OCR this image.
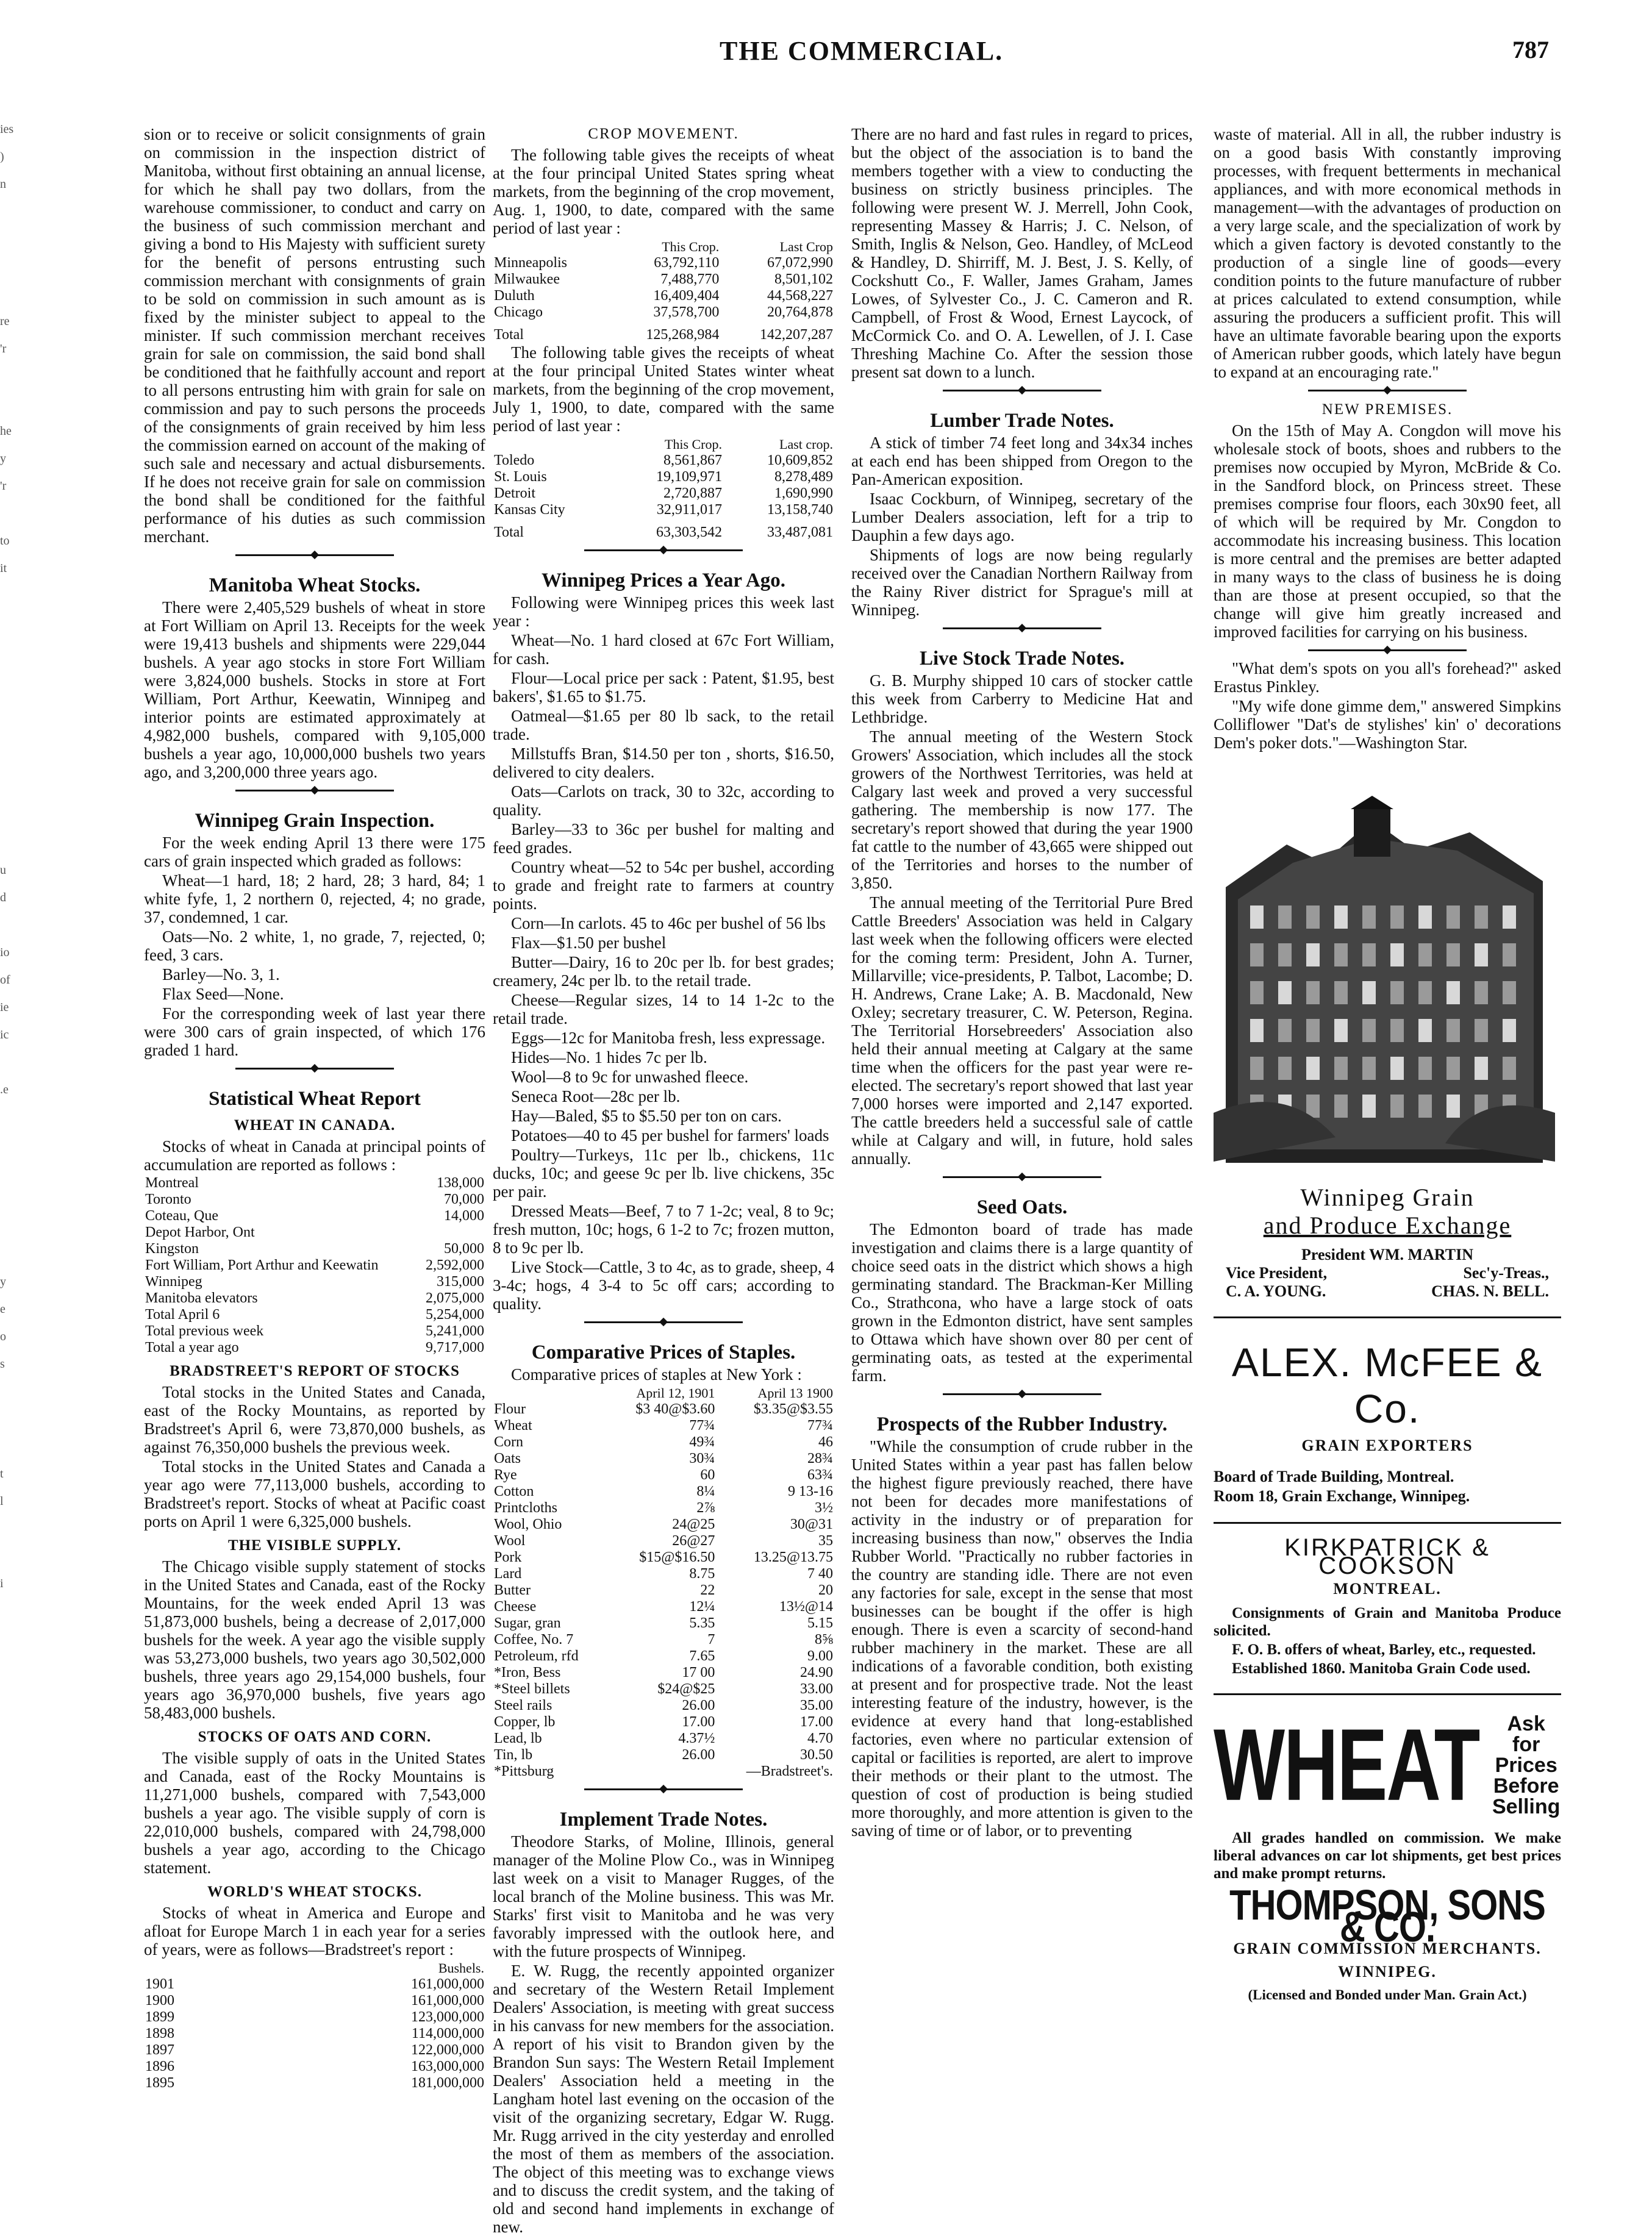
THE COMMERCIAL.	787
ies
)
n

re
'r

he
y
'r

to
it

u
d

io
of
ie
ic

.e

y
e
o
s

t
l

i

sion or to receive or solicit consignments of grain on commission in the inspection district of Manitoba, without first obtaining an annual license, for which he shall pay two dollars, from the warehouse commissioner, to conduct and carry on the business of such commission merchant and giving a bond to His Majesty with sufficient surety for the benefit of persons entrusting such commission merchant with consignments of grain to be sold on commission in such amount as is fixed by the minister subject to appeal to the minister. If such commission merchant receives grain for sale on commission, the said bond shall be conditioned that he faithfully account and report to all persons entrusting him with grain for sale on commission and pay to such persons the proceeds of the consignments of grain received by him less the commission earned on account of the making of such sale and necessary and actual disbursements. If he does not receive grain for sale on commission the bond shall be conditioned for the faithful performance of his duties as such commission merchant.

Manitoba Wheat Stocks.

There were 2,405,529 bushels of wheat in store at Fort William on April 13. Receipts for the week were 19,413 bushels and shipments were 229,044 bushels. A year ago stocks in store Fort William were 3,824,000 bushels. Stocks in store at Fort William, Port Arthur, Keewatin, Winnipeg and interior points are estimated approximately at 4,982,000 bushels, compared with 9,105,000 bushels a year ago, 10,000,000 bushels two years ago, and 3,200,000 three years ago.

Winnipeg Grain Inspection.

For the week ending April 13 there were 175 cars of grain inspected which graded as follows:

Wheat—1 hard, 18; 2 hard, 28; 3 hard, 84; 1 white fyfe, 1, 2 northern 0, rejected, 4; no grade, 37, condemned, 1 car.

Oats—No. 2 white, 1, no grade, 7, rejected, 0; feed, 3 cars.

Barley—No. 3, 1.

Flax Seed—None.

For the corresponding week of last year there were 300 cars of grain inspected, of which 176 graded 1 hard.

Statistical Wheat Report
WHEAT IN CANADA.

Stocks of wheat in Canada at principal points of accumulation are reported as follows :

Montreal	138,000
Toronto	70,000
Coteau, Que	14,000
Depot Harbor, Ont	
Kingston	50,000
Fort William, Port Arthur and Keewatin	2,592,000
Winnipeg	315,000
Manitoba elevators	2,075,000
Total April 6	5,254,000
Total previous week	5,241,000
Total a year ago	9,717,000
BRADSTREET'S REPORT OF STOCKS

Total stocks in the United States and Canada, east of the Rocky Mountains, as reported by Bradstreet's April 6, were 73,870,000 bushels, as against 76,350,000 bushels the previous week.

Total stocks in the United States and Canada a year ago were 77,113,000 bushels, according to Bradstreet's report. Stocks of wheat at Pacific coast ports on April 1 were 6,325,000 bushels.

THE VISIBLE SUPPLY.

The Chicago visible supply statement of stocks in the United States and Canada, east of the Rocky Mountains, for the week ended April 13 was 51,873,000 bushels, being a decrease of 2,017,000 bushels for the week. A year ago the visible supply was 53,273,000 bushels, two years ago 30,502,000 bushels, three years ago 29,154,000 bushels, four years ago 36,970,000 bushels, five years ago 58,483,000 bushels.

STOCKS OF OATS AND CORN.

The visible supply of oats in the United States and Canada, east of the Rocky Mountains is 11,271,000 bushels, compared with 7,543,000 bushels a year ago. The visible supply of corn is 22,010,000 bushels, compared with 24,798,000 bushels a year ago, according to the Chicago statement.

WORLD'S WHEAT STOCKS.

Stocks of wheat in America and Europe and afloat for Europe March 1 in each year for a series of years, were as follows—Bradstreet's report :

	Bushels.
1901	161,000,000
1900	161,000,000
1899	123,000,000
1898	114,000,000
1897	122,000,000
1896	163,000,000
1895	181,000,000
CROP MOVEMENT.

The following table gives the receipts of wheat at the four principal United States spring wheat markets, from the beginning of the crop movement, Aug. 1, 1900, to date, compared with the same period of last year :

	This Crop.	Last Crop
Minneapolis	63,792,110	67,072,990
Milwaukee	7,488,770	8,501,102
Duluth	16,409,404	44,568,227
Chicago	37,578,700	20,764,878
Total	125,268,984	142,207,287

The following table gives the receipts of wheat at the four principal United States winter wheat markets, from the beginning of the crop movement, July 1, 1900, to date, compared with the same period of last year :

	This Crop.	Last crop.
Toledo	8,561,867	10,609,852
St. Louis	19,109,971	8,278,489
Detroit	2,720,887	1,690,990
Kansas City	32,911,017	13,158,740
Total	63,303,542	33,487,081
Winnipeg Prices a Year Ago.

Following were Winnipeg prices this week last year :

Wheat—No. 1 hard closed at 67c Fort William, for cash.

Flour—Local price per sack : Patent, $1.95, best bakers', $1.65 to $1.75.

Oatmeal—$1.65 per 80 lb sack, to the retail trade.

Millstuffs Bran, $14.50 per ton , shorts, $16.50, delivered to city dealers.

Oats—Carlots on track, 30 to 32c, according to quality.

Barley—33 to 36c per bushel for malting and feed grades.

Country wheat—52 to 54c per bushel, according to grade and freight rate to farmers at country points.

Corn—In carlots. 45 to 46c per bushel of 56 lbs

Flax—$1.50 per bushel

Butter—Dairy, 16 to 20c per lb. for best grades; creamery, 24c per lb. to the retail trade.

Cheese—Regular sizes, 14 to 14 1-2c to the retail trade.

Eggs—12c for Manitoba fresh, less expressage.

Hides—No. 1 hides 7c per lb.

Wool—8 to 9c for unwashed fleece.

Seneca Root—28c per lb.

Hay—Baled, $5 to $5.50 per ton on cars.

Potatoes—40 to 45 per bushel for farmers' loads

Poultry—Turkeys, 11c per lb., chickens, 11c ducks, 10c; and geese 9c per lb. live chickens, 35c per pair.

Dressed Meats—Beef, 7 to 7 1-2c; veal, 8 to 9c; fresh mutton, 10c; hogs, 6 1-2 to 7c; frozen mutton, 8 to 9c per lb.

Live Stock—Cattle, 3 to 4c, as to grade, sheep, 4 3-4c; hogs, 4 3-4 to 5c off cars; according to quality.

Comparative Prices of Staples.

Comparative prices of staples at New York :

	April 12, 1901	April 13 1900
Flour	$3 40@$3.60	$3.35@$3.55
Wheat	77¾	77¾
Corn	49¾	46
Oats	30¾	28¾
Rye	60	63¾
Cotton	8¼	9 13-16
Printcloths	2⅞	3½
Wool, Ohio	24@25	30@31
Wool	26@27	35
Pork	$15@$16.50	13.25@13.75
Lard	8.75	7 40
Butter	22	20
Cheese	12¼	13½@14
Sugar, gran	5.35	5.15
Coffee, No. 7	7	8⅝
Petroleum, rfd	7.65	9.00
*Iron, Bess	17 00	24.90
*Steel billets	$24@$25	33.00
Steel rails	26.00	35.00
Copper, lb	17.00	17.00
Lead, lb	4.37½	4.70
Tin, lb	26.00	30.50
*Pittsburg		—Bradstreet's.
Implement Trade Notes.

Theodore Starks, of Moline, Illinois, general manager of the Moline Plow Co., was in Winnipeg last week on a visit to Manager Rugges, of the local branch of the Moline business. This was Mr. Starks' first visit to Manitoba and he was very favorably impressed with the outlook here, and with the future prospects of Winnipeg.

E. W. Rugg, the recently appointed organizer and secretary of the Western Retail Implement Dealers' Association, is meeting with great success in his canvass for new members for the association. A report of his visit to Brandon given by the Brandon Sun says: The Western Retail Implement Dealers' Association held a meeting in the Langham hotel last evening on the occasion of the visit of the organizing secretary, Edgar W. Rugg. Mr. Rugg arrived in the city yesterday and enrolled the most of them as members of the association. The object of this meeting was to exchange views and to discuss the credit system, and the taking of old and second hand implements in exchange of new.

There are no hard and fast rules in regard to prices, but the object of the association is to band the members together with a view to conducting the business on strictly business principles. The following were present W. J. Merrell, John Cook, representing Massey & Harris; J. C. Nelson, of Smith, Inglis & Nelson, Geo. Handley, of McLeod & Handley, D. Shirriff, M. J. Best, J. S. Kelly, of Cockshutt Co., F. Waller, James Graham, James Lowes, of Sylvester Co., J. C. Cameron and R. Campbell, of Frost & Wood, Ernest Laycock, of McCormick Co. and O. A. Lewellen, of J. I. Case Threshing Machine Co. After the session those present sat down to a lunch.

Lumber Trade Notes.

A stick of timber 74 feet long and 34x34 inches at each end has been shipped from Oregon to the Pan-American exposition.

Isaac Cockburn, of Winnipeg, secretary of the Lumber Dealers association, left for a trip to Dauphin a few days ago.

Shipments of logs are now being regularly received over the Canadian Northern Railway from the Rainy River district for Sprague's mill at Winnipeg.

Live Stock Trade Notes.

G. B. Murphy shipped 10 cars of stocker cattle this week from Carberry to Medicine Hat and Lethbridge.

The annual meeting of the Western Stock Growers' Association, which includes all the stock growers of the Northwest Territories, was held at Calgary last week and proved a very successful gathering. The membership is now 177. The secretary's report showed that during the year 1900 fat cattle to the number of 43,665 were shipped out of the Territories and horses to the number of 3,850.

The annual meeting of the Territorial Pure Bred Cattle Breeders' Association was held in Calgary last week when the following officers were elected for the coming term: President, John A. Turner, Millarville; vice-presidents, P. Talbot, Lacombe; D. H. Andrews, Crane Lake; A. B. Macdonald, New Oxley; secretary treasurer, C. W. Peterson, Regina. The Territorial Horsebreeders' Association also held their annual meeting at Calgary at the same time when the officers for the past year were re-elected. The secretary's report showed that last year 7,000 horses were imported and 2,147 exported. The cattle breeders held a successful sale of cattle while at Calgary and will, in future, hold sales annually.

Seed Oats.

The Edmonton board of trade has made investigation and claims there is a large quantity of choice seed oats in the district which shows a high germinating standard. The Brackman-Ker Milling Co., Strathcona, who have a large stock of oats grown in the Edmonton district, have sent samples to Ottawa which have shown over 80 per cent of germinating oats, as tested at the experimental farm.

Prospects of the Rubber Industry.

"While the consumption of crude rubber in the United States within a year past has fallen below the highest figure previously reached, there have not been for decades more manifestations of activity in the industry or of preparation for increasing business than now," observes the India Rubber World. "Practically no rubber factories in the country are standing idle. There are not even any factories for sale, except in the sense that most businesses can be bought if the offer is high enough. There is even a scarcity of second-hand rubber machinery in the market. These are all indications of a favorable condition, both existing at present and for prospective trade. Not the least interesting feature of the industry, however, is the evidence at every hand that long-established factories, even where no particular extension of capital or facilities is reported, are alert to improve their methods or their plant to the utmost. The question of cost of production is being studied more thoroughly, and more attention is given to the saving of time or of labor, or to preventing

waste of material. All in all, the rubber industry is on a good basis With constantly improving processes, with frequent betterments in mechanical appliances, and with more economical methods in management—with the advantages of production on a very large scale, and the specialization of work by which a given factory is devoted constantly to the production of a single line of goods—every condition points to the future manufacture of rubber at prices calculated to extend consumption, while assuring the producers a sufficient profit. This will have an ultimate favorable bearing upon the exports of American rubber goods, which lately have begun to expand at an encouraging rate."

NEW PREMISES.

On the 15th of May A. Congdon will move his wholesale stock of boots, shoes and rubbers to the premises now occupied by Myron, McBride & Co. in the Sandford block, on Princess street. These premises comprise four floors, each 30x90 feet, all of which will be required by Mr. Congdon to accommodate his increasing business. This location is more central and the premises are better adapted in many ways to the class of business he is doing than are those at present occupied, so that the change will give him greatly increased and improved facilities for carrying on his business.

"What dem's spots on you all's forehead?" asked Erastus Pinkley.

"My wife done gimme dem," answered Simpkins Colliflower "Dat's de stylishes' kin' o' decorations Dem's poker dots."—Washington Star.

Winnipeg Grain
and Produce Exchange
President WM. MARTIN
Vice President,	Sec'y-Treas.,
C. A. YOUNG.	CHAS. N. BELL.
ALEX. McFEE & Co.
GRAIN EXPORTERS
Board of Trade Building, Montreal.
Room 18, Grain Exchange, Winnipeg.
KIRKPATRICK & COOKSON
MONTREAL.

Consignments of Grain and Manitoba Produce solicited.

F. O. B. offers of wheat, Barley, etc., requested.

Established 1860. Manitoba Grain Code used.

WHEAT	Ask for
Prices
Before
Selling

All grades handled on commission. We make liberal advances on car lot shipments, get best prices and make prompt returns.

THOMPSON, SONS & CO.
GRAIN COMMISSION MERCHANTS.
WINNIPEG.
(Licensed and Bonded under Man. Grain Act.)
